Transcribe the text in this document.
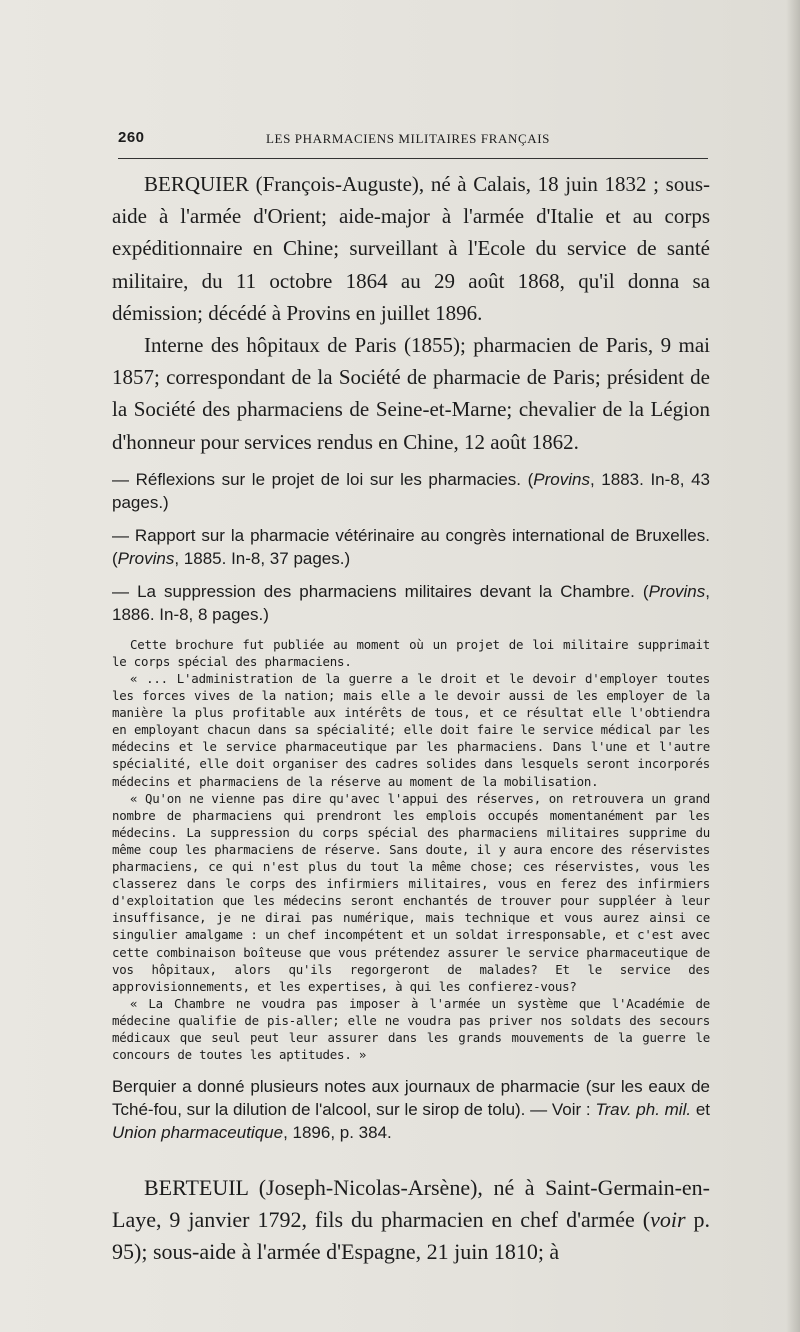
260	LES PHARMACIENS MILITAIRES FRANÇAIS

BERQUIER (François-Auguste), né à Calais, 18 juin 1832 ; sous-aide à l'armée d'Orient; aide-major à l'armée d'Italie et au corps expéditionnaire en Chine; surveillant à l'Ecole du service de santé militaire, du 11 octobre 1864 au 29 août 1868, qu'il donna sa démission; décédé à Provins en juillet 1896.

Interne des hôpitaux de Paris (1855); pharmacien de Paris, 9 mai 1857; correspondant de la Société de pharmacie de Paris; président de la Société des pharmaciens de Seine-et-Marne; chevalier de la Légion d'honneur pour services rendus en Chine, 12 août 1862.

— Réflexions sur le projet de loi sur les pharmacies. (Provins, 1883. In-8, 43 pages.)

— Rapport sur la pharmacie vétérinaire au congrès international de Bruxelles. (Provins, 1885. In-8, 37 pages.)

— La suppression des pharmaciens militaires devant la Chambre. (Provins, 1886. In-8, 8 pages.)

Cette brochure fut publiée au moment où un projet de loi militaire supprimait le corps spécial des pharmaciens.

« ... L'administration de la guerre a le droit et le devoir d'employer toutes les forces vives de la nation; mais elle a le devoir aussi de les employer de la manière la plus profitable aux intérêts de tous, et ce résultat elle l'obtiendra en employant chacun dans sa spécialité; elle doit faire le service médical par les médecins et le service pharmaceutique par les pharmaciens. Dans l'une et l'autre spécialité, elle doit organiser des cadres solides dans lesquels seront incorporés médecins et pharmaciens de la réserve au moment de la mobilisation.

« Qu'on ne vienne pas dire qu'avec l'appui des réserves, on retrouvera un grand nombre de pharmaciens qui prendront les emplois occupés momentanément par les médecins. La suppression du corps spécial des pharmaciens militaires supprime du même coup les pharmaciens de réserve. Sans doute, il y aura encore des réservistes pharmaciens, ce qui n'est plus du tout la même chose; ces réservistes, vous les classerez dans le corps des infirmiers militaires, vous en ferez des infirmiers d'exploitation que les médecins seront enchantés de trouver pour suppléer à leur insuffisance, je ne dirai pas numérique, mais technique et vous aurez ainsi ce singulier amalgame : un chef incompétent et un soldat irresponsable, et c'est avec cette combinaison boîteuse que vous prétendez assurer le service pharmaceutique de vos hôpitaux, alors qu'ils regorgeront de malades? Et le service des approvisionnements, et les expertises, à qui les confierez-vous?

« La Chambre ne voudra pas imposer à l'armée un système que l'Académie de médecine qualifie de pis-aller; elle ne voudra pas priver nos soldats des secours médicaux que seul peut leur assurer dans les grands mouvements de la guerre le concours de toutes les aptitudes. »

Berquier a donné plusieurs notes aux journaux de pharmacie (sur les eaux de Tché-fou, sur la dilution de l'alcool, sur le sirop de tolu). — Voir : Trav. ph. mil. et Union pharmaceutique, 1896, p. 384.

BERTEUIL (Joseph-Nicolas-Arsène), né à Saint-Germain-en-Laye, 9 janvier 1792, fils du pharmacien en chef d'armée (voir p. 95); sous-aide à l'armée d'Espagne, 21 juin 1810; à
